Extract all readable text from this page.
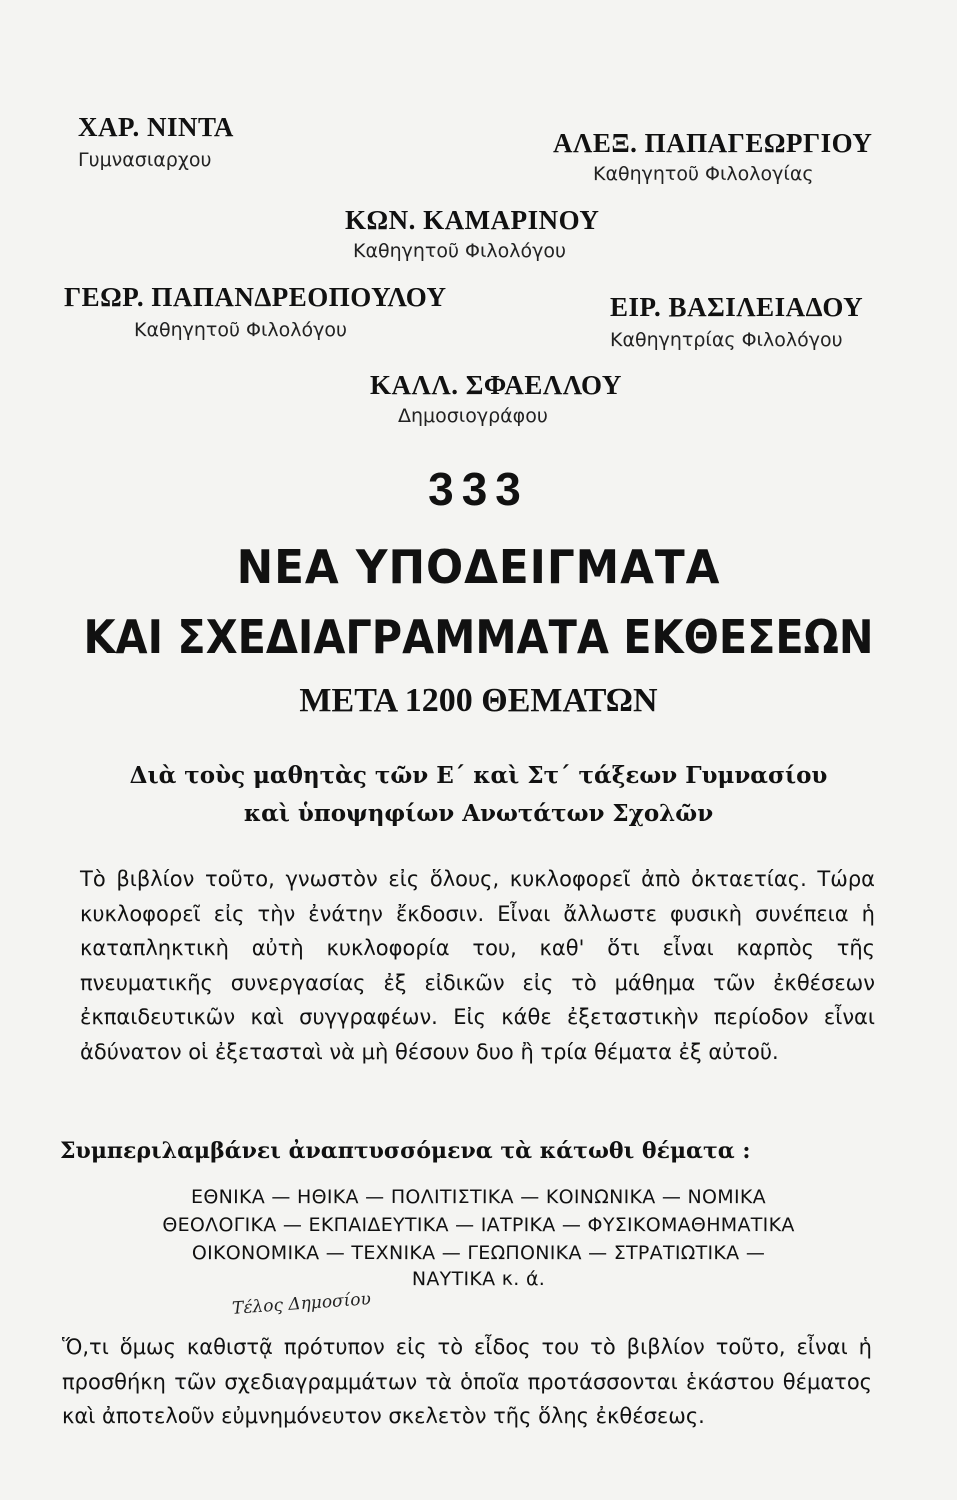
ΧΑΡ. ΝΙΝΤΑ
Γυμνασιαρχου
ΑΛΕΞ. ΠΑΠΑΓΕΩΡΓΙΟΥ
Καθηγητοῦ Φιλολογίας
ΚΩΝ. ΚΑΜΑΡΙΝΟΥ
Καθηγητοῦ Φιλολόγου
ΓΕΩΡ. ΠΑΠΑΝΔΡΕΟΠΟΥΛΟΥ
Καθηγητοῦ Φιλολόγου
ΕΙΡ. ΒΑΣΙΛΕΙΑΔΟΥ
Καθηγητρίας Φιλολόγου
ΚΑΛΛ. ΣΦΑΕΛΛΟΥ
Δημοσιογράφου
333
ΝΕΑ ΥΠΟΔΕΙΓΜΑΤΑ
ΚΑΙ ΣΧΕΔΙΑΓΡΑΜΜΑΤΑ ΕΚΘΕΣΕΩΝ
ΜΕΤΑ 1200 ΘΕΜΑΤΩΝ
Διὰ τοὺς μαθητὰς τῶν Ε΄ καὶ Στ΄ τάξεων Γυμνασίου
καὶ ὑποψηφίων Ανωτάτων Σχολῶν
Τὸ βιβλίον τοῦτο, γνωστὸν εἰς ὅλους, κυκλοφορεῖ ἀπὸ ὀκταετίας. Τώρα κυκλοφορεῖ εἰς τὴν ἐνάτην ἔκδοσιν. Εἶναι ἄλλωστε φυσικὴ συνέπεια ἡ καταπληκτικὴ αὐτὴ κυκλοφορία του, καθ' ὅτι εἶναι καρπὸς τῆς πνευματικῆς συνεργασίας ἐξ εἰδικῶν εἰς τὸ μάθημα τῶν ἐκθέσεων ἐκπαιδευτικῶν καὶ συγγραφέων. Εἰς κάθε ἐξεταστικὴν περίοδον εἶναι ἀδύνατον οἱ ἐξετασταὶ νὰ μὴ θέσουν δυο ἢ τρία θέματα ἐξ αὐτοῦ.
Συμπεριλαμβάνει ἀναπτυσσόμενα τὰ κάτωθι θέματα :
ΕΘΝΙΚΑ — ΗΘΙΚΑ — ΠΟΛΙΤΙΣΤΙΚΑ — ΚΟΙΝΩΝΙΚΑ — ΝΟΜΙΚΑ
ΘΕΟΛΟΓΙΚΑ — ΕΚΠΑΙΔΕΥΤΙΚΑ — ΙΑΤΡΙΚΑ — ΦΥΣΙΚΟΜΑΘΗΜΑΤΙΚΑ
ΟΙΚΟΝΟΜΙΚΑ — ΤΕΧΝΙΚΑ — ΓΕΩΠΟΝΙΚΑ — ΣΤΡΑΤΙΩΤΙΚΑ —
ΝΑΥΤΙΚΑ κ. ά.
Τέλος Δημοσίου
Ὅ,τι ὅμως καθιστᾷ πρότυπον εἰς τὸ εἶδος του τὸ βιβλίον τοῦτο, εἶναι ἡ προσθήκη τῶν σχεδιαγραμμάτων τὰ ὁποῖα προτάσσονται ἑκάστου θέματος καὶ ἀποτελοῦν εὐμνημόνευτον σκελετὸν τῆς ὅλης ἐκθέσεως.
